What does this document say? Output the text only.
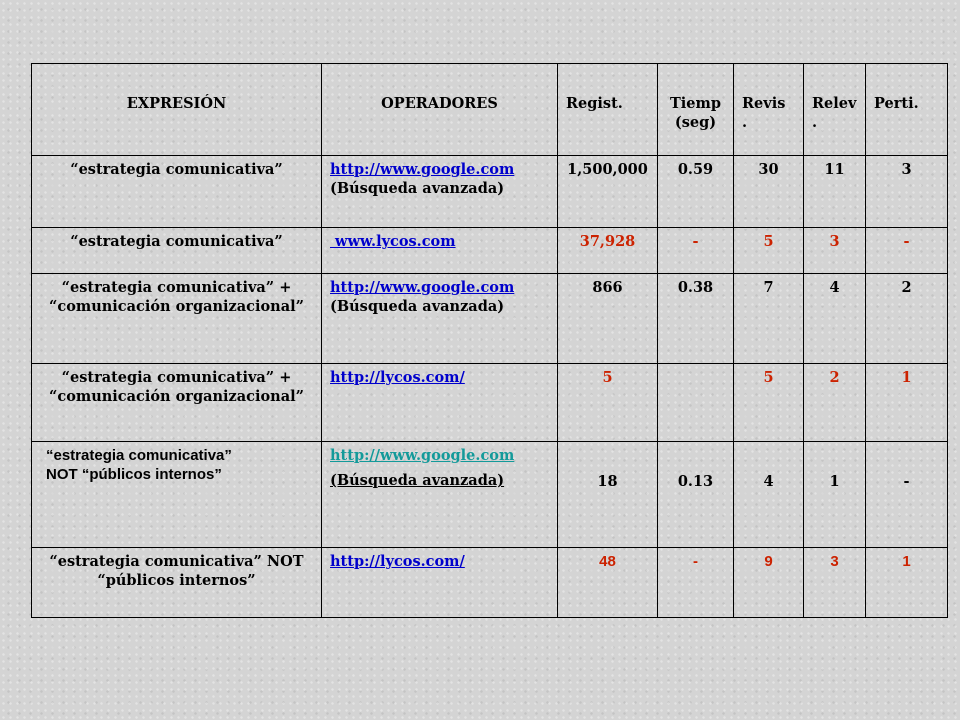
EXPRESIÓN	OPERADORES	Regist.	Tiemp (seg)	Revis .	Relev .	Perti.
“estrategia comunicativa”	http://www.google.com
(Búsqueda avanzada)	1,500,000	0.59	30	11	3
“estrategia comunicativa”	www.lycos.com	37,928	-	5	3	-

“estrategia comunicativa” +
“comunicación organizacional”	http://www.google.com
(Búsqueda avanzada)	866	0.38	7	4	2

“estrategia comunicativa” +
“comunicación organizacional”	http://lycos.com/	5		5	2	1

“estrategia comunicativa”
NOT “públicos internos”	http://www.google.com
(Búsqueda avanzada)	18	0.13	4	1	-

“estrategia comunicativa” NOT
“públicos internos”	http://lycos.com/	48	-	9	3	1
